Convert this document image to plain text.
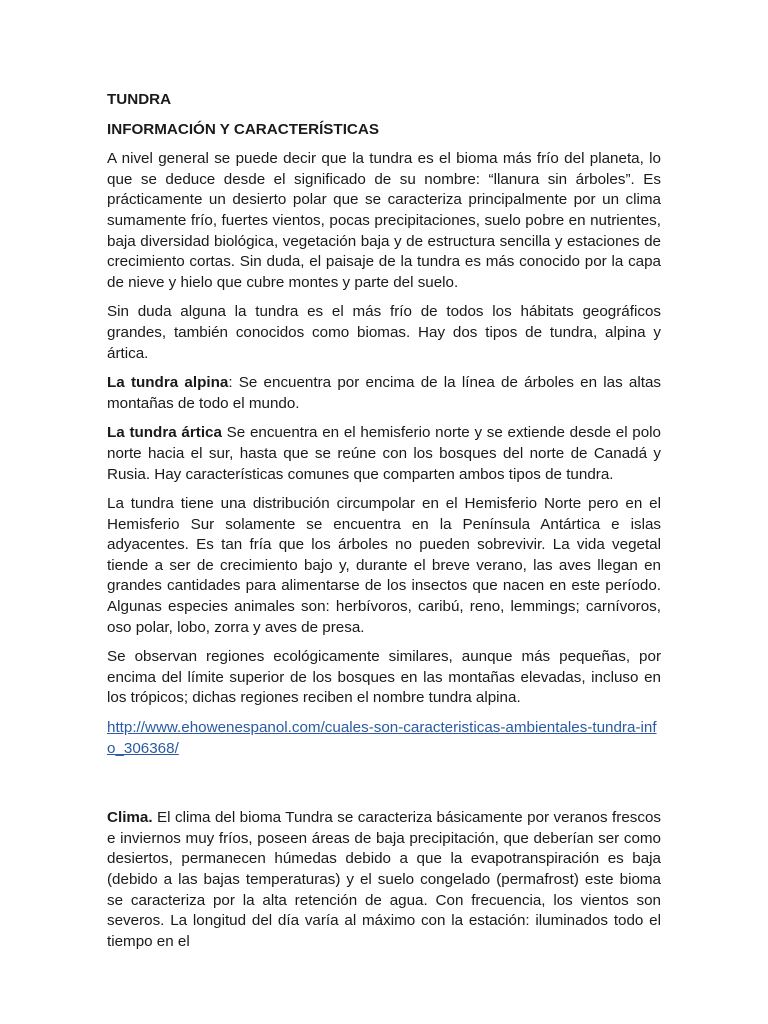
TUNDRA
INFORMACIÓN Y CARACTERÍSTICAS

A nivel general se puede decir que la tundra es el bioma más frío del planeta, lo que se deduce desde el significado de su nombre: “llanura sin árboles”. Es prácticamente un desierto polar que se caracteriza principalmente por un clima sumamente frío, fuertes vientos, pocas precipitaciones, suelo pobre en nutrientes, baja diversidad biológica, vegetación baja y de estructura sencilla y estaciones de crecimiento cortas. Sin duda, el paisaje de la tundra es más conocido por la capa de nieve y hielo que cubre montes y parte del suelo.

Sin duda alguna la tundra es el más frío de todos los hábitats geográficos grandes, también conocidos como biomas. Hay dos tipos de tundra, alpina y ártica.

La tundra alpina: Se encuentra por encima de la línea de árboles en las altas montañas de todo el mundo.

La tundra ártica Se encuentra en el hemisferio norte y se extiende desde el polo norte hacia el sur, hasta que se reúne con los bosques del norte de Canadá y Rusia. Hay características comunes que comparten ambos tipos de tundra.

La tundra tiene una distribución circumpolar en el Hemisferio Norte pero en el Hemisferio Sur solamente se encuentra en la Península Antártica e islas adyacentes. Es tan fría que los árboles no pueden sobrevivir. La vida vegetal tiende a ser de crecimiento bajo y, durante el breve verano, las aves llegan en grandes cantidades para alimentarse de los insectos que nacen en este período. Algunas especies animales son: herbívoros, caribú, reno, lemmings; carnívoros, oso polar, lobo, zorra y aves de presa.

Se observan regiones ecológicamente similares, aunque más pequeñas, por encima del límite superior de los bosques en las montañas elevadas, incluso en los trópicos; dichas regiones reciben el nombre tundra alpina.

http://www.ehowenespanol.com/cuales-son-caracteristicas-ambientales-tundra-info_306368/

Clima. El clima del bioma Tundra se caracteriza básicamente por veranos frescos e inviernos muy fríos, poseen áreas de baja precipitación, que deberían ser como desiertos, permanecen húmedas debido a que la evapotranspiración es baja (debido a las bajas temperaturas) y el suelo congelado (permafrost) este bioma se caracteriza por la alta retención de agua. Con frecuencia, los vientos son severos. La longitud del día varía al máximo con la estación: iluminados todo el tiempo en el
